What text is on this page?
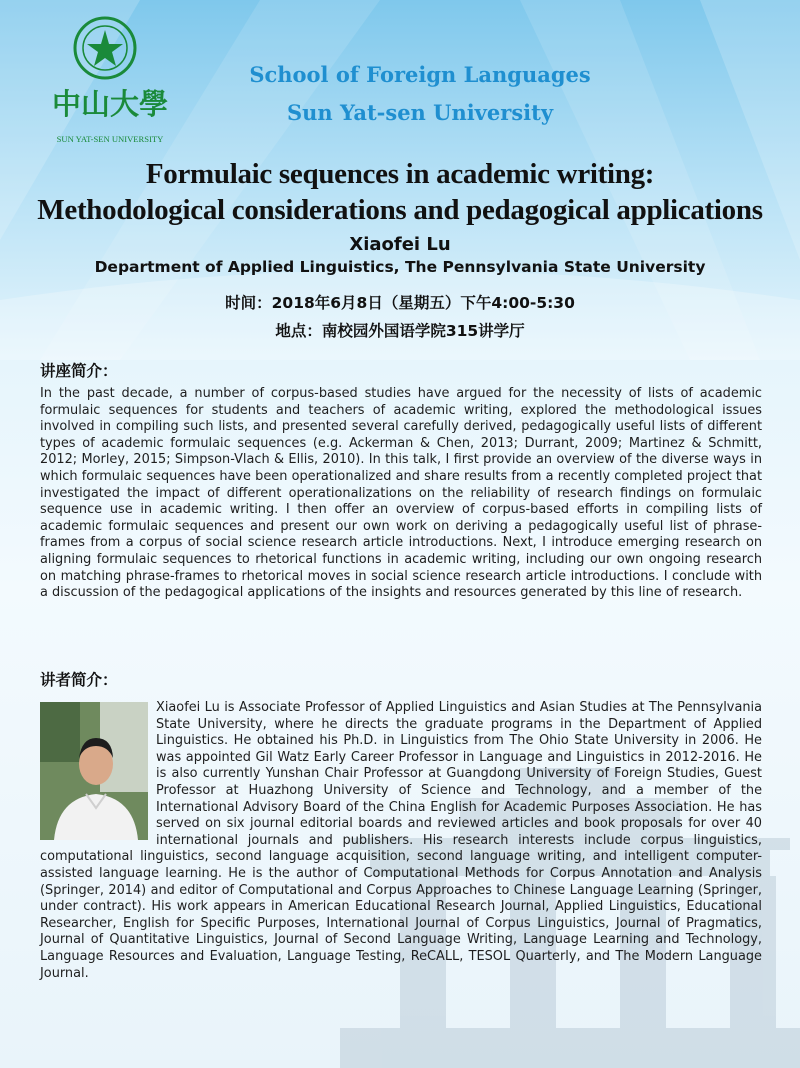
中山大學
SUN YAT-SEN UNIVERSITY
School of Foreign Languages
Sun Yat-sen University
Formulaic sequences in academic writing:
Methodological considerations and pedagogical applications
Xiaofei Lu
Department of Applied Linguistics, The Pennsylvania State University
时间：2018年6月8日（星期五）下午4:00-5:30
地点：南校园外国语学院315讲学厅
讲座简介：

In the past decade, a number of corpus-based studies have argued for the necessity of lists of academic formulaic sequences for students and teachers of academic writing, explored the methodological issues involved in compiling such lists, and presented several carefully derived, pedagogically useful lists of different types of academic formulaic sequences (e.g. Ackerman & Chen, 2013; Durrant, 2009; Martinez & Schmitt, 2012; Morley, 2015; Simpson-Vlach & Ellis, 2010). In this talk, I first provide an overview of the diverse ways in which formulaic sequences have been operationalized and share results from a recently completed project that investigated the impact of different operationalizations on the reliability of research findings on formulaic sequence use in academic writing. I then offer an overview of corpus-based efforts in compiling lists of academic formulaic sequences and present our own work on deriving a pedagogically useful list of phrase-frames from a corpus of social science research article introductions. Next, I introduce emerging research on aligning formulaic sequences to rhetorical functions in academic writing, including our own ongoing research on matching phrase-frames to rhetorical moves in social science research article introductions. I conclude with a discussion of the pedagogical applications of the insights and resources generated by this line of research.

讲者简介：

Xiaofei Lu is Associate Professor of Applied Linguistics and Asian Studies at The Pennsylvania State University, where he directs the graduate programs in the Department of Applied Linguistics. He obtained his Ph.D. in Linguistics from The Ohio State University in 2006. He was appointed Gil Watz Early Career Professor in Language and Linguistics in 2012-2016. He is also currently Yunshan Chair Professor at Guangdong University of Foreign Studies, Guest Professor at Huazhong University of Science and Technology, and a member of the International Advisory Board of the China English for Academic Purposes Association. He has served on six journal editorial boards and reviewed articles and book proposals for over 40 international journals and publishers. His research interests include corpus linguistics, computational linguistics, second language acquisition, second language writing, and intelligent computer-assisted language learning. He is the author of Computational Methods for Corpus Annotation and Analysis (Springer, 2014) and editor of Computational and Corpus Approaches to Chinese Language Learning (Springer, under contract). His work appears in American Educational Research Journal, Applied Linguistics, Educational Researcher, English for Specific Purposes, International Journal of Corpus Linguistics, Journal of Pragmatics, Journal of Quantitative Linguistics, Journal of Second Language Writing, Language Learning and Technology, Language Resources and Evaluation, Language Testing, ReCALL, TESOL Quarterly, and The Modern Language Journal.
